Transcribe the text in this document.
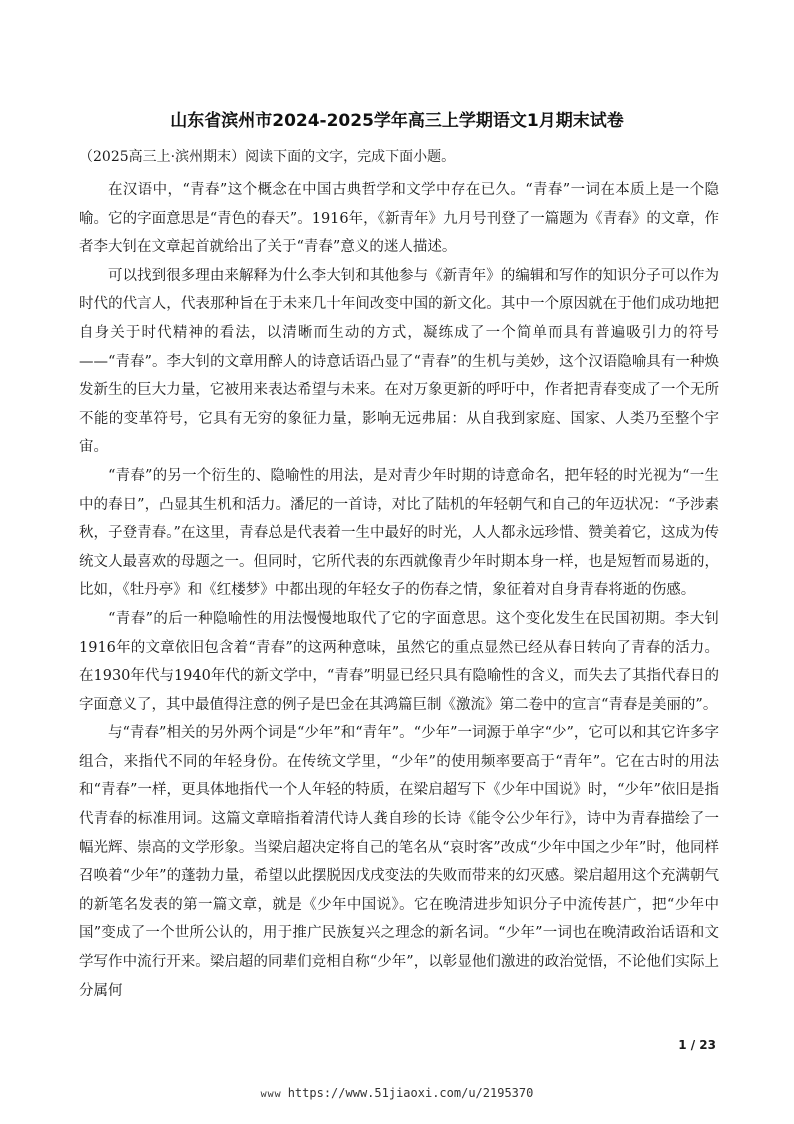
山东省滨州市2024-2025学年高三上学期语文1月期末试卷
（2025高三上·滨州期末）阅读下面的文字，完成下面小题。

在汉语中，“青春”这个概念在中国古典哲学和文学中存在已久。“青春”一词在本质上是一个隐喻。它的字面意思是“青色的春天”。1916年，《新青年》九月号刊登了一篇题为《青春》的文章，作者李大钊在文章起首就给出了关于“青春”意义的迷人描述。

可以找到很多理由来解释为什么李大钊和其他参与《新青年》的编辑和写作的知识分子可以作为时代的代言人，代表那种旨在于未来几十年间改变中国的新文化。其中一个原因就在于他们成功地把自身关于时代精神的看法，以清晰而生动的方式，凝练成了一个简单而具有普遍吸引力的符号——“青春”。李大钊的文章用醉人的诗意话语凸显了“青春”的生机与美妙，这个汉语隐喻具有一种焕发新生的巨大力量，它被用来表达希望与未来。在对万象更新的呼吁中，作者把青春变成了一个无所不能的变革符号，它具有无穷的象征力量，影响无远弗届：从自我到家庭、国家、人类乃至整个宇宙。

“青春”的另一个衍生的、隐喻性的用法，是对青少年时期的诗意命名，把年轻的时光视为“一生中的春日”，凸显其生机和活力。潘尼的一首诗，对比了陆机的年轻朝气和自己的年迈状况：“予涉素秋，子登青春。”在这里，青春总是代表着一生中最好的时光，人人都永远珍惜、赞美着它，这成为传统文人最喜欢的母题之一。但同时，它所代表的东西就像青少年时期本身一样，也是短暂而易逝的，比如，《牡丹亭》和《红楼梦》中都出现的年轻女子的伤春之情，象征着对自身青春将逝的伤感。

“青春”的后一种隐喻性的用法慢慢地取代了它的字面意思。这个变化发生在民国初期。李大钊1916年的文章依旧包含着“青春”的这两种意味，虽然它的重点显然已经从春日转向了青春的活力。在1930年代与1940年代的新文学中，“青春”明显已经只具有隐喻性的含义，而失去了其指代春日的字面意义了，其中最值得注意的例子是巴金在其鸿篇巨制《激流》第二卷中的宣言“青春是美丽的”。

与“青春”相关的另外两个词是“少年”和“青年”。“少年”一词源于单字“少”，它可以和其它许多字组合，来指代不同的年轻身份。在传统文学里，“少年”的使用频率要高于“青年”。它在古时的用法和“青春”一样，更具体地指代一个人年轻的特质，在梁启超写下《少年中国说》时，“少年”依旧是指代青春的标准用词。这篇文章暗指着清代诗人龚自珍的长诗《能令公少年行》，诗中为青春描绘了一幅光辉、崇高的文学形象。当梁启超决定将自己的笔名从“哀时客”改成“少年中国之少年”时，他同样召唤着“少年”的蓬勃力量，希望以此摆脱因戊戌变法的失败而带来的幻灭感。梁启超用这个充满朝气的新笔名发表的第一篇文章，就是《少年中国说》。它在晚清进步知识分子中流传甚广，把“少年中国”变成了一个世所公认的，用于推广民族复兴之理念的新名词。“少年”一词也在晚清政治话语和文学写作中流行开来。梁启超的同辈们竞相自称“少年”，以彰显他们激进的政治觉悟，不论他们实际上分属何

1 / 23
www https://www.51jiaoxi.com/u/2195370
